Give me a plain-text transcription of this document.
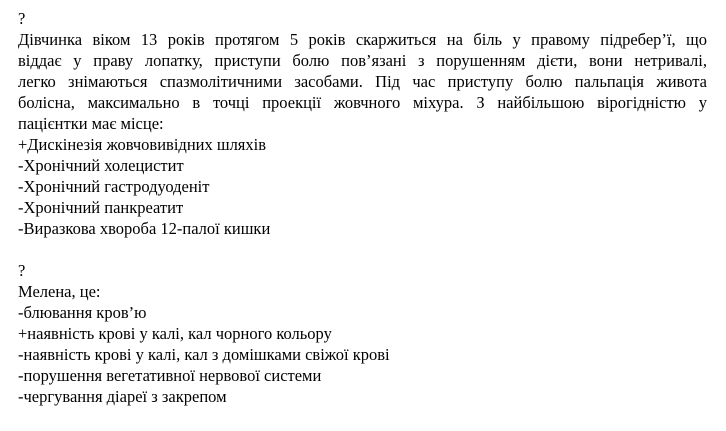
?
Дівчинка віком 13 років протягом 5 років скаржиться на біль у правому підребер’ї, що
віддає у праву лопатку, приступи болю пов’язані з порушенням дієти, вони нетривалі,
легко знімаються спазмолітичними засобами. Під час приступу болю пальпація живота
болісна, максимально в точці проекції жовчного міхура. З найбільшою вірогідністю у
пацієнтки має місце:
+Дискінезія жовчовивідних шляхів
-Хронічний холецистит
-Хронічний гастродуоденіт
-Хронічний панкреатит
-Виразкова хвороба 12-палої кишки
?
Мелена, це:
-блювання кров’ю
+наявність крові у калі, кал чорного кольору
-наявність крові у калі, кал з домішками свіжої крові
-порушення вегетативної нервової системи
-чергування діареї з закрепом
